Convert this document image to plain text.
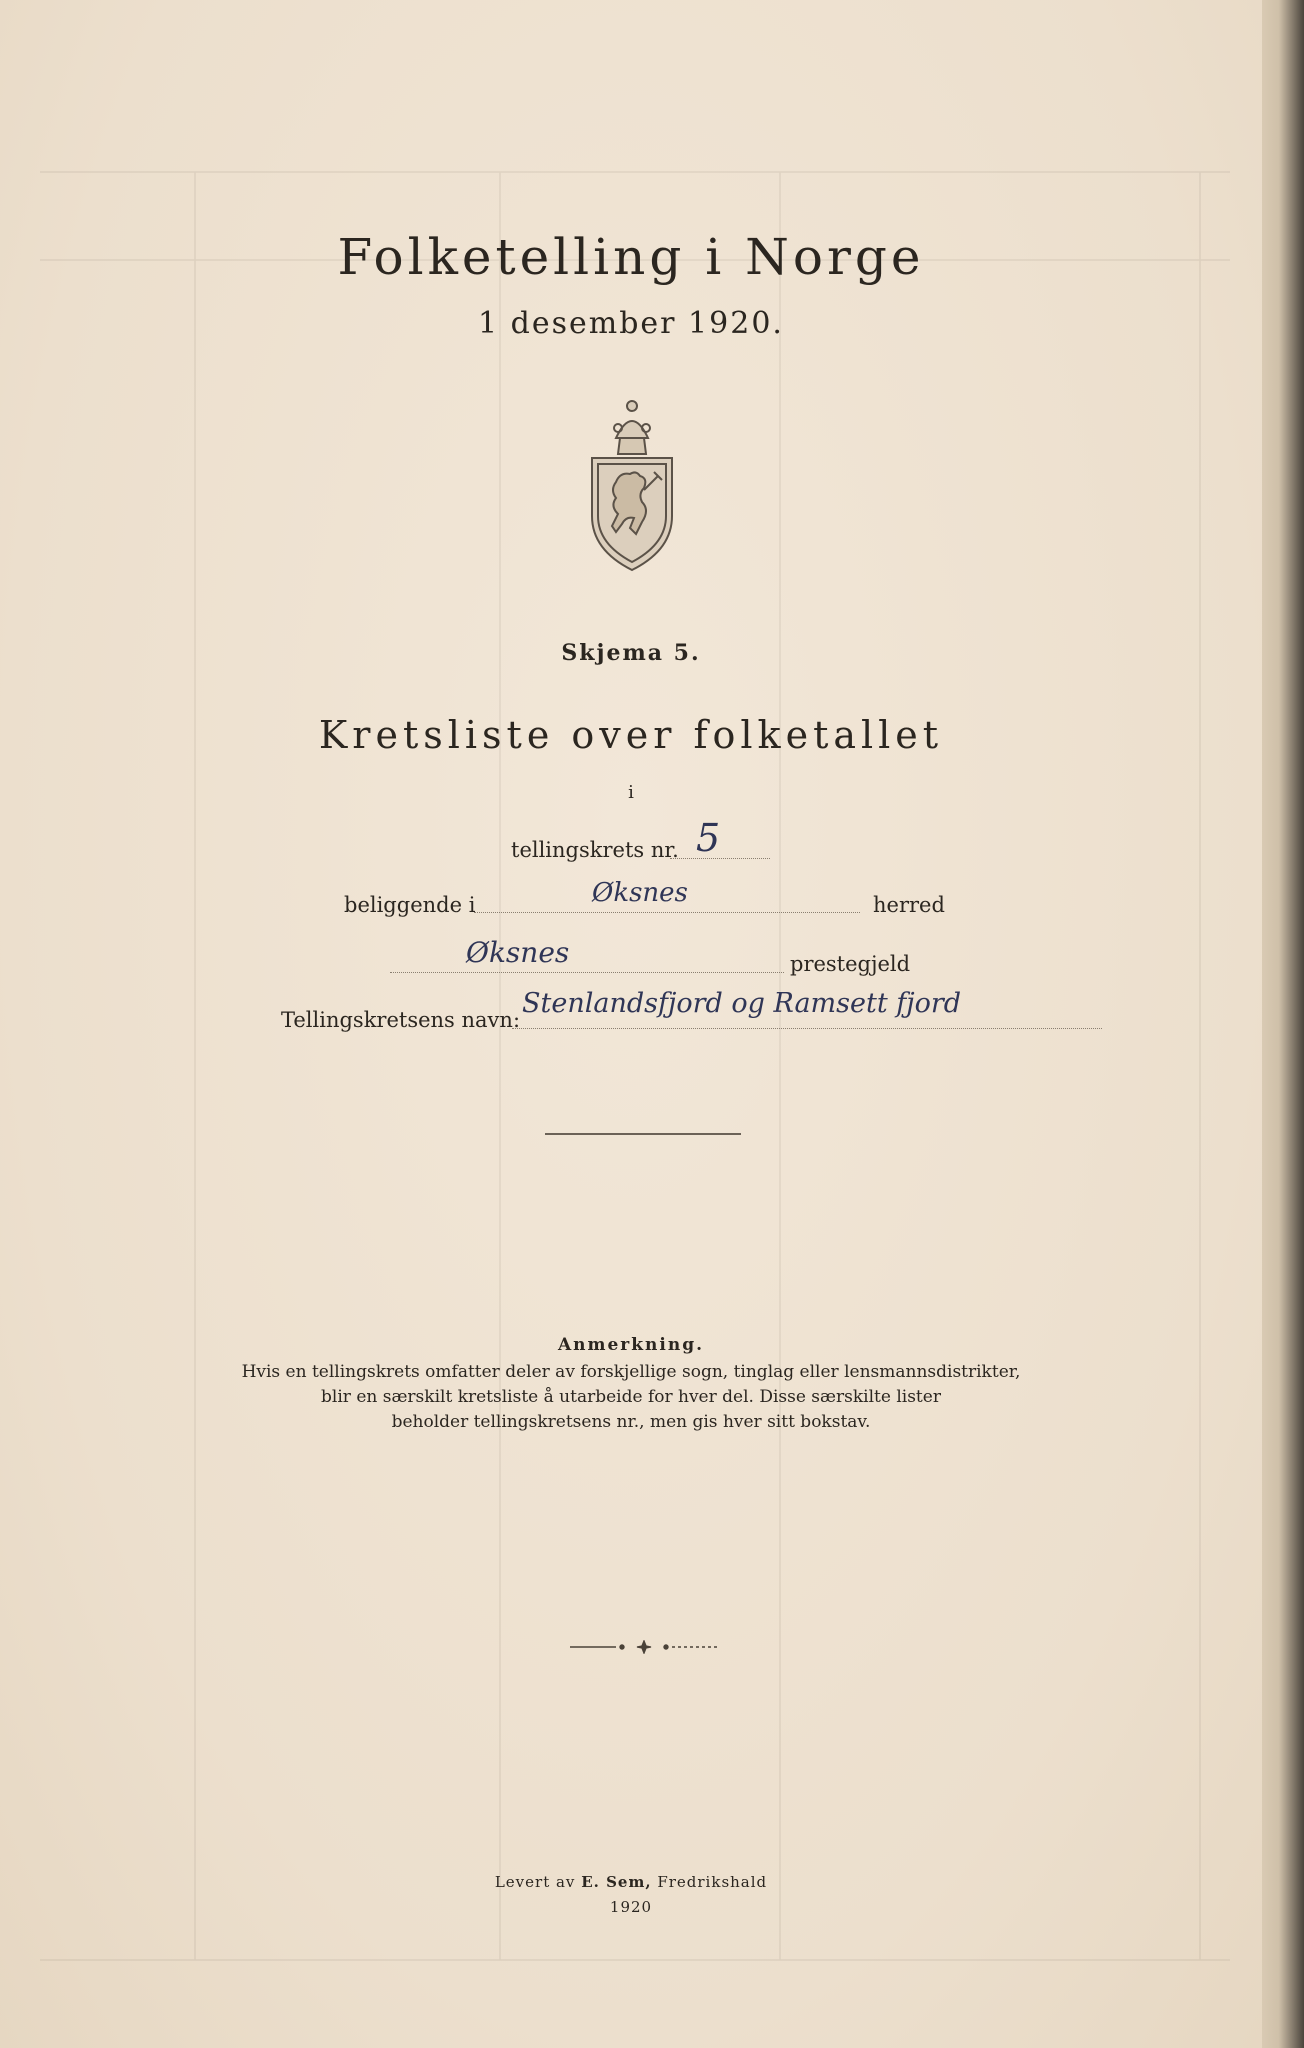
Folketelling i Norge
1 desember 1920.
Skjema 5.
Kretsliste over folketallet
i
tellingskrets nr. 5
beliggende i	Øksnes	herred
Øksnes	prestegjeld
Tellingskretsens navn:
Stenlandsfjord og Ramsett fjord
Anmerkning.
Hvis en tellingskrets omfatter deler av forskjellige sogn, tinglag eller lensmannsdistrikter,
blir en særskilt kretsliste å utarbeide for hver del. Disse særskilte lister
beholder tellingskretsens nr., men gis hver sitt bokstav.
Levert av E. Sem, Fredrikshald
1920
